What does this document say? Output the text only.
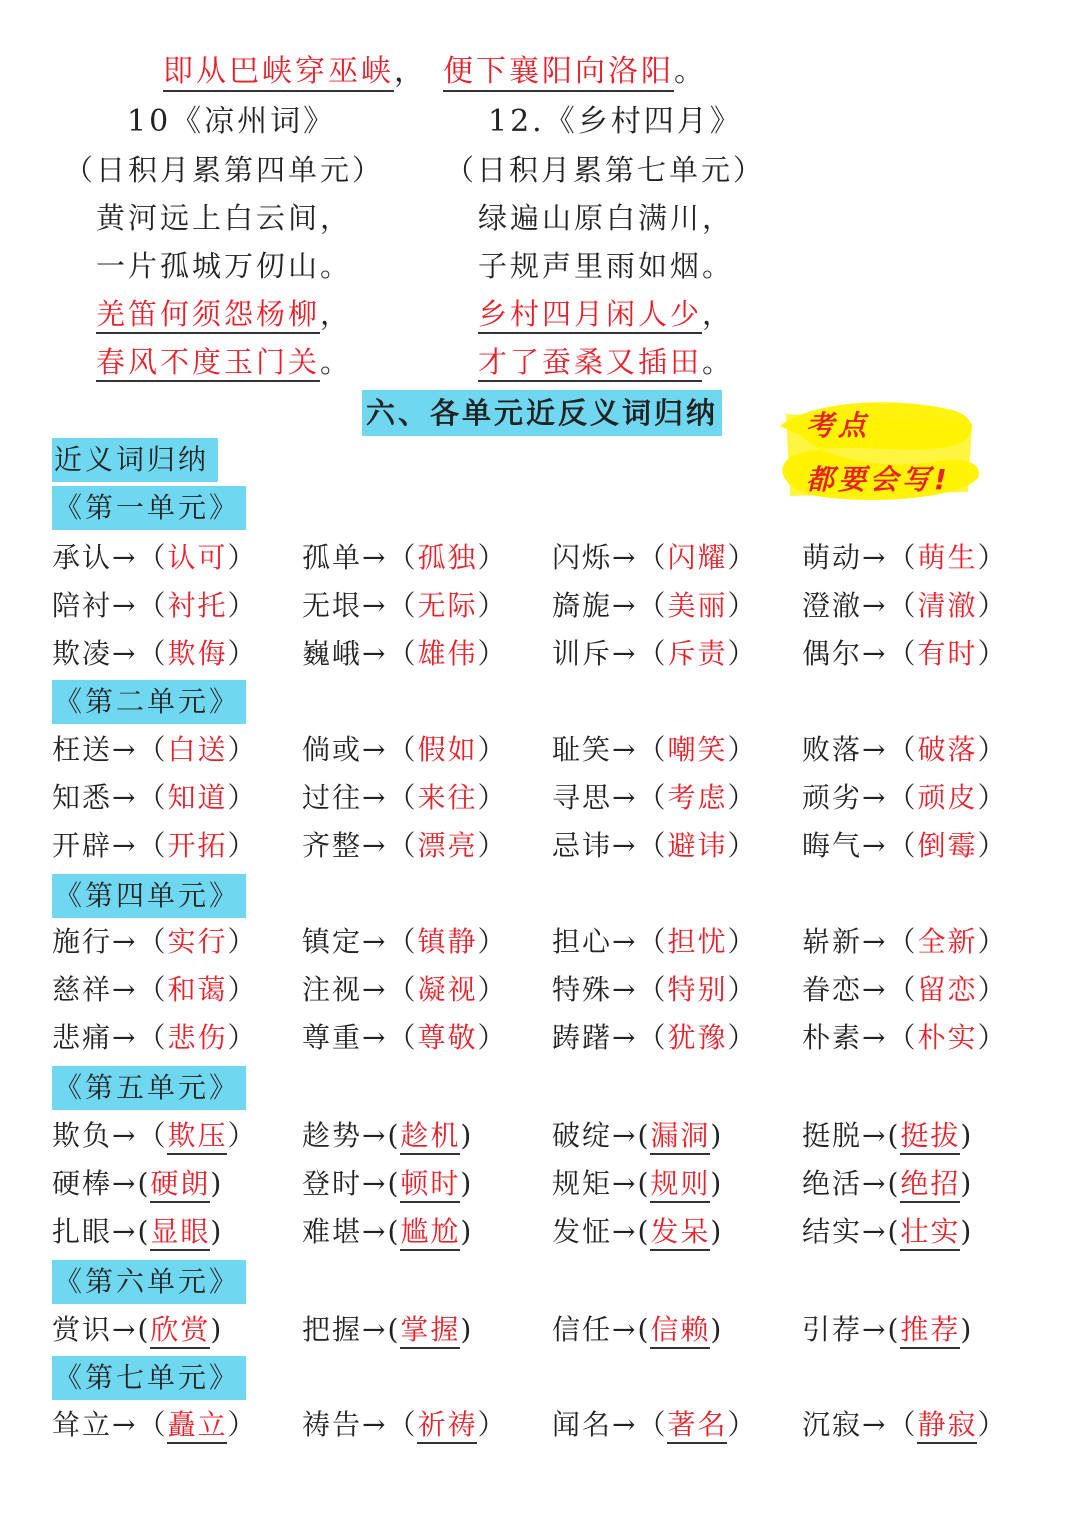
即从巴峡穿巫峡， 便下襄阳向洛阳。
10《凉州词》
（日积月累第四单元）
黄河远上白云间，
一片孤城万仞山。
羌笛何须怨杨柳，
春风不度玉门关。
12.《乡村四月》
（日积月累第七单元）
绿遍山原白满川，
子规声里雨如烟。
乡村四月闲人少，
才了蚕桑又插田。
六、各单元近反义词归纳	考点
都要会写!
近义词归纳
《第一单元》
承认→（认可） 孤单→（孤独） 闪烁→（闪耀） 萌动→（萌生）
陪衬→（衬托） 无垠→（无际） 旖旎→（美丽） 澄澈→（清澈）
欺凌→（欺侮） 巍峨→（雄伟） 训斥→（斥责） 偶尔→（有时）
《第二单元》
枉送→（白送） 倘或→（假如） 耻笑→（嘲笑） 败落→（破落）
知悉→（知道） 过往→（来往） 寻思→（考虑） 顽劣→（顽皮）
开辟→（开拓） 齐整→（漂亮） 忌讳→（避讳） 晦气→（倒霉）
《第四单元》
施行→（实行） 镇定→（镇静） 担心→（担忧） 崭新→（全新）
慈祥→（和蔼） 注视→（凝视） 特殊→（特别） 眷恋→（留恋）
悲痛→（悲伤） 尊重→（尊敬） 踌躇→（犹豫） 朴素→（朴实）
《第五单元》
欺负→（欺压） 趁势→(趁机)	破绽→(漏洞)	挺脱→(挺拔)
硬棒→(硬朗)	登时→(顿时)	规矩→(规则)	绝活→(绝招)
扎眼→(显眼)	难堪→(尴尬)	发怔→(发呆)	结实→(壮实)
《第六单元》
赏识→(欣赏)	把握→(掌握)	信任→(信赖)	引荐→(推荐)
《第七单元》
耸立→（矗立） 祷告→（祈祷） 闻名→（著名） 沉寂→（静寂）
